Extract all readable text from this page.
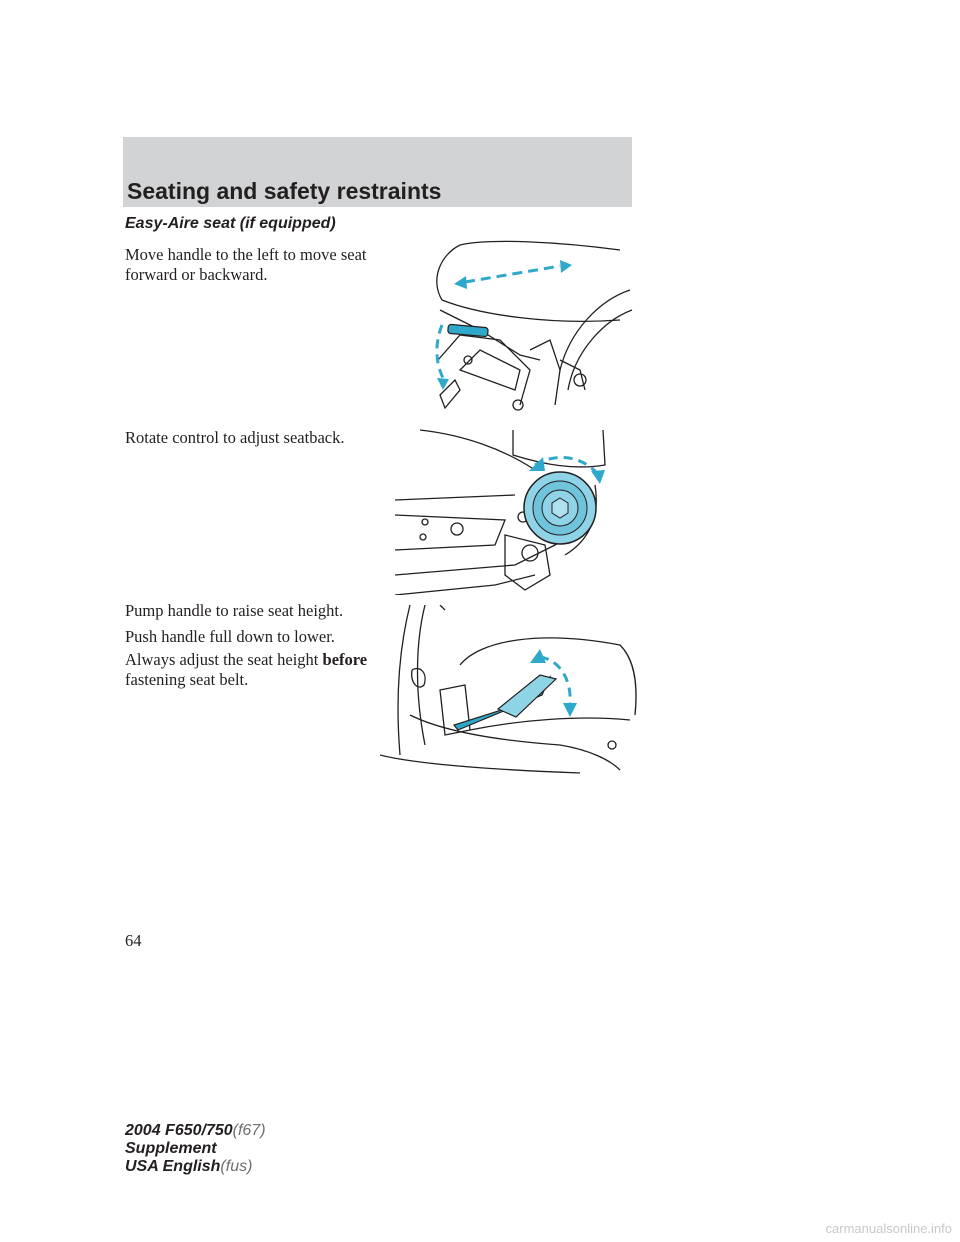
Seating and safety restraints
Easy-Aire seat (if equipped)
Move handle to the left to move seat forward or backward.
Rotate control to adjust seatback.
Pump handle to raise seat height.
Push handle full down to lower.
Always adjust the seat height before fastening seat belt.
64
2004 F650/750(f67)
Supplement
USA English(fus)
carmanualsonline.info
